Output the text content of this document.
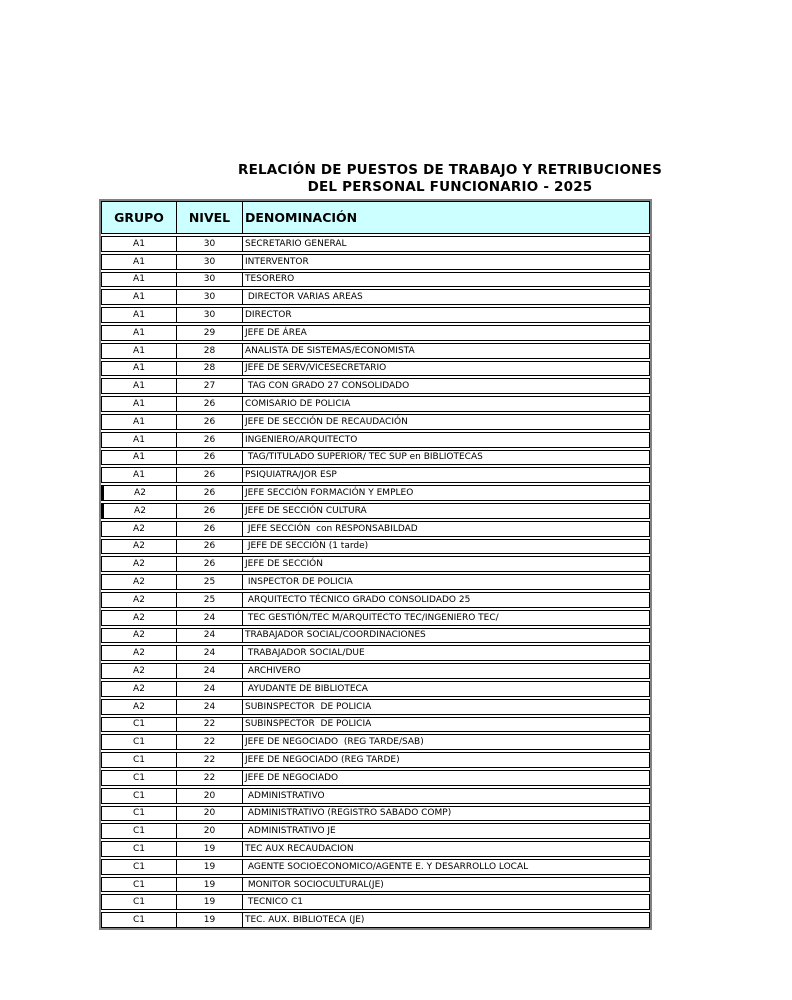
RELACIÓN DE PUESTOS DE TRABAJO Y RETRIBUCIONES
DEL PERSONAL FUNCIONARIO - 2025
GRUPO	NIVEL	DENOMINACIÓN
A1	30	SECRETARIO GENERAL
A1	30	INTERVENTOR
A1	30	TESORERO
A1	30	DIRECTOR VARIAS AREAS
A1	30	DIRECTOR
A1	29	JEFE DE ÁREA
A1	28	ANALISTA DE SISTEMAS/ECONOMISTA
A1	28	JEFE DE SERV/VICESECRETARIO
A1	27	TAG CON GRADO 27 CONSOLIDADO
A1	26	COMISARIO DE POLICIA
A1	26	JEFE DE SECCIÓN DE RECAUDACIÓN
A1	26	INGENIERO/ARQUITECTO
A1	26	TAG/TITULADO SUPERIOR/ TEC SUP en BIBLIOTECAS
A1	26	PSIQUIATRA/JOR ESP
A2	26	JEFE SECCIÓN FORMACIÓN Y EMPLEO
A2	26	JEFE DE SECCIÓN CULTURA
A2	26	JEFE SECCIÓN  con RESPONSABILDAD
A2	26	JEFE DE SECCIÓN (1 tarde)
A2	26	JEFE DE SECCIÓN
A2	25	INSPECTOR DE POLICIA
A2	25	ARQUITECTO TÉCNICO GRADO CONSOLIDADO 25
A2	24	TEC GESTIÓN/TEC M/ARQUITECTO TEC/INGENIERO TEC/
A2	24	TRABAJADOR SOCIAL/COORDINACIONES
A2	24	TRABAJADOR SOCIAL/DUE
A2	24	ARCHIVERO
A2	24	AYUDANTE DE BIBLIOTECA
A2	24	SUBINSPECTOR  DE POLICIA
C1	22	SUBINSPECTOR  DE POLICIA
C1	22	JEFE DE NEGOCIADO  (REG TARDE/SAB)
C1	22	JEFE DE NEGOCIADO (REG TARDE)
C1	22	JEFE DE NEGOCIADO
C1	20	ADMINISTRATIVO
C1	20	ADMINISTRATIVO (REGISTRO SABADO COMP)
C1	20	ADMINISTRATIVO JE
C1	19	TEC AUX RECAUDACION
C1	19	AGENTE SOCIOECONOMICO/AGENTE E. Y DESARROLLO LOCAL
C1	19	MONITOR SOCIOCULTURAL(JE)
C1	19	TECNICO C1
C1	19	TEC. AUX. BIBLIOTECA (JE)
